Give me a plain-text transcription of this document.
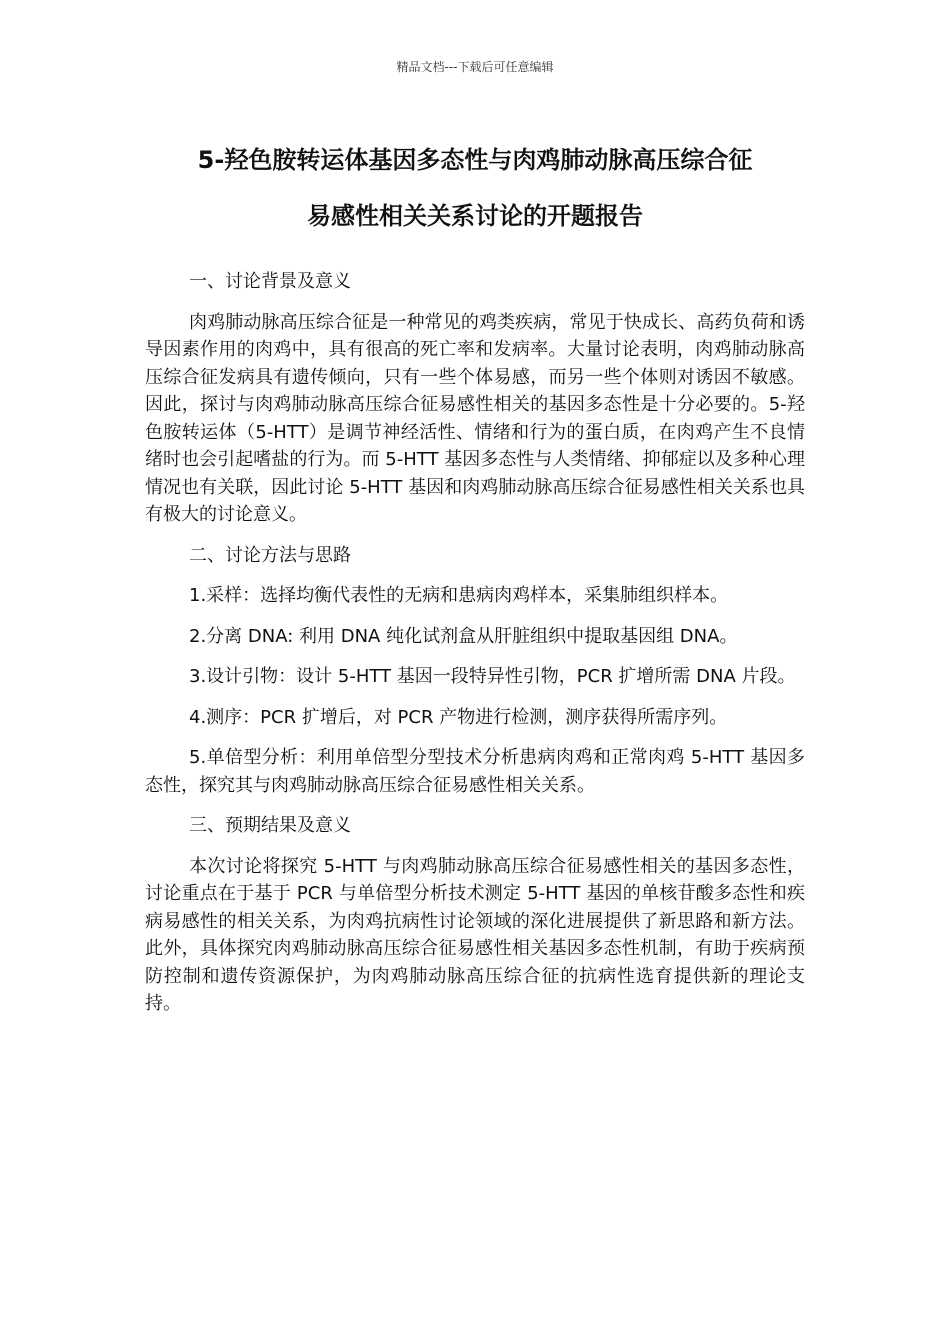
精品文档---下载后可任意编辑
5-羟色胺转运体基因多态性与肉鸡肺动脉高压综合征
易感性相关关系讨论的开题报告

一、讨论背景及意义

肉鸡肺动脉高压综合征是一种常见的鸡类疾病，常见于快成长、高药负荷和诱导因素作用的肉鸡中，具有很高的死亡率和发病率。大量讨论表明，肉鸡肺动脉高压综合征发病具有遗传倾向，只有一些个体易感，而另一些个体则对诱因不敏感。因此，探讨与肉鸡肺动脉高压综合征易感性相关的基因多态性是十分必要的。5-羟色胺转运体（5-HTT）是调节神经活性、情绪和行为的蛋白质，在肉鸡产生不良情绪时也会引起嗜盐的行为。而 5-HTT 基因多态性与人类情绪、抑郁症以及多种心理情况也有关联，因此讨论 5-HTT 基因和肉鸡肺动脉高压综合征易感性相关关系也具有极大的讨论意义。

二、讨论方法与思路

1.采样：选择均衡代表性的无病和患病肉鸡样本，采集肺组织样本。

2.分离 DNA: 利用 DNA 纯化试剂盒从肝脏组织中提取基因组 DNA。

3.设计引物：设计 5-HTT 基因一段特异性引物，PCR 扩增所需 DNA 片段。

4.测序：PCR 扩增后，对 PCR 产物进行检测，测序获得所需序列。

5.单倍型分析：利用单倍型分型技术分析患病肉鸡和正常肉鸡 5-HTT 基因多态性，探究其与肉鸡肺动脉高压综合征易感性相关关系。

三、预期结果及意义

本次讨论将探究 5-HTT 与肉鸡肺动脉高压综合征易感性相关的基因多态性，讨论重点在于基于 PCR 与单倍型分析技术测定 5-HTT 基因的单核苷酸多态性和疾病易感性的相关关系，为肉鸡抗病性讨论领域的深化进展提供了新思路和新方法。此外，具体探究肉鸡肺动脉高压综合征易感性相关基因多态性机制，有助于疾病预防控制和遗传资源保护，为肉鸡肺动脉高压综合征的抗病性选育提供新的理论支持。
